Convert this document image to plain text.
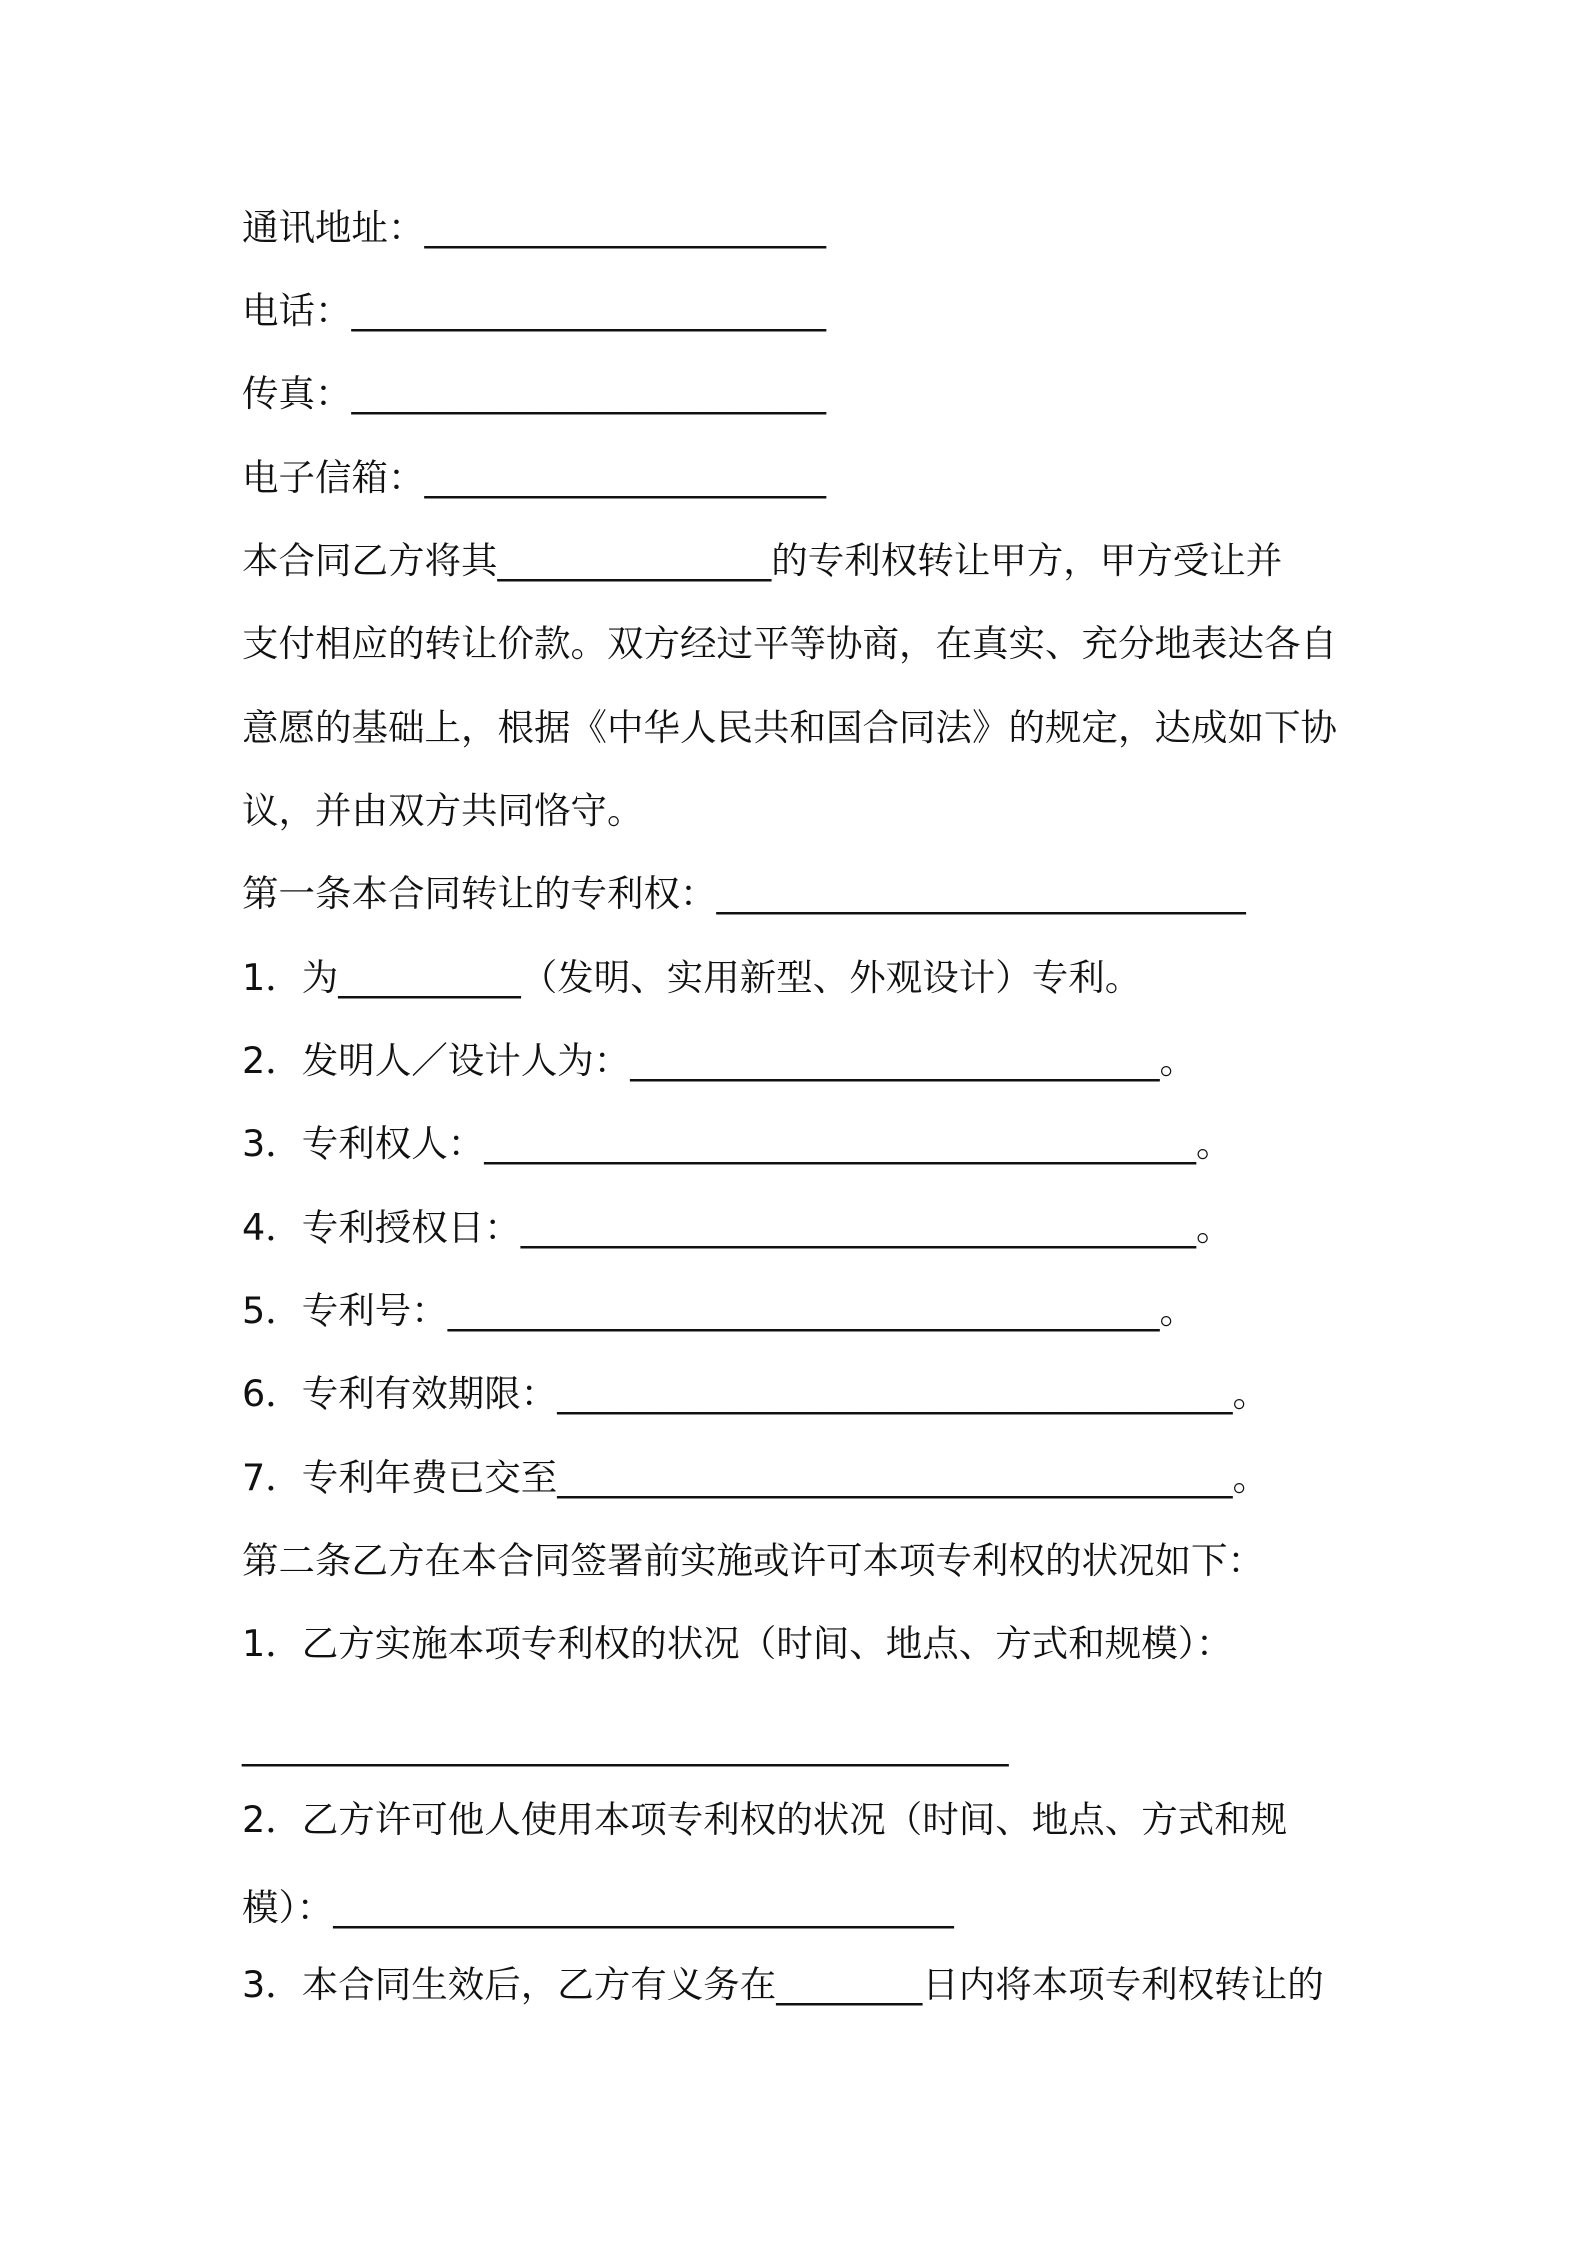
通讯地址：______________________

电话：__________________________

传真：__________________________

电子信箱：______________________

本合同乙方将其_______________的专利权转让甲方，甲方受让并

支付相应的转让价款。双方经过平等协商，在真实、充分地表达各自

意愿的基础上，根据《中华人民共和国合同法》的规定，达成如下协

议，并由双方共同恪守。

第一条本合同转让的专利权：_____________________________

1．为__________（发明、实用新型、外观设计）专利。

2．发明人／设计人为：_____________________________。

3．专利权人：_______________________________________。

4．专利授权日：_____________________________________。

5．专利号：_______________________________________。

6．专利有效期限：_____________________________________。

7．专利年费已交至_____________________________________。

第二条乙方在本合同签署前实施或许可本项专利权的状况如下：

1．乙方实施本项专利权的状况（时间、地点、方式和规模）：

__________________________________________

2．乙方许可他人使用本项专利权的状况（时间、地点、方式和规

模）：__________________________________

3．本合同生效后，乙方有义务在________日内将本项专利权转让的
